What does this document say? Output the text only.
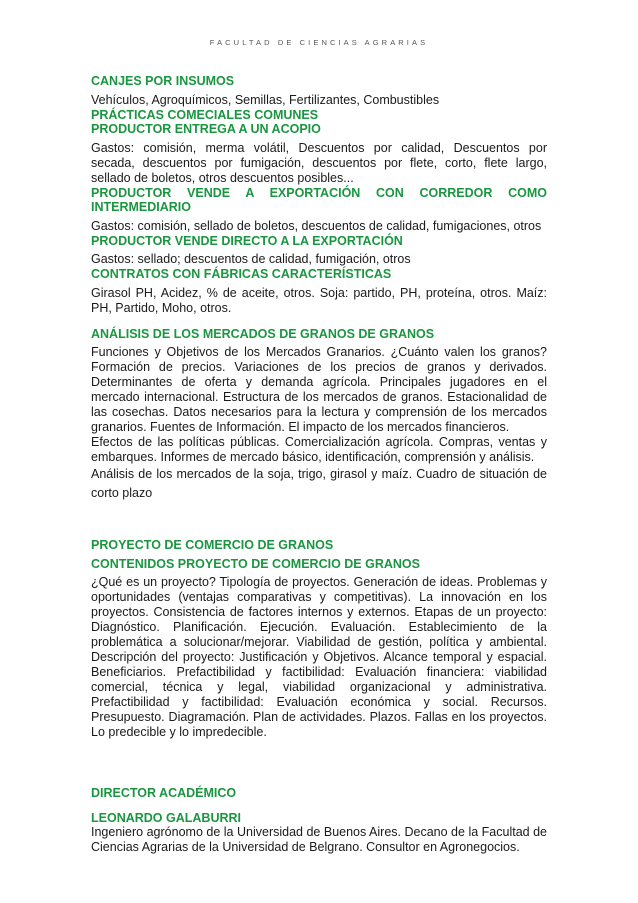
FACULTAD DE CIENCIAS AGRARIAS
CANJES POR INSUMOS
Vehículos, Agroquímicos, Semillas, Fertilizantes, Combustibles
PRÁCTICAS COMECIALES COMUNES
PRODUCTOR ENTREGA A UN ACOPIO
Gastos: comisión, merma volátil, Descuentos por calidad, Descuentos por secada, descuentos por fumigación, descuentos por flete, corto, flete largo, sellado de boletos, otros descuentos posibles...
PRODUCTOR VENDE A EXPORTACIÓN CON CORREDOR COMO
INTERMEDIARIO
Gastos: comisión, sellado de boletos, descuentos de calidad, fumigaciones, otros
PRODUCTOR VENDE DIRECTO A LA EXPORTACIÓN
Gastos: sellado; descuentos de calidad, fumigación, otros
CONTRATOS CON FÁBRICAS CARACTERÍSTICAS
Girasol PH, Acidez, % de aceite, otros. Soja: partido, PH, proteína, otros. Maíz: PH, Partido, Moho, otros.
ANÁLISIS DE LOS MERCADOS DE GRANOS DE GRANOS
Funciones y Objetivos de los Mercados Granarios. ¿Cuánto valen los granos? Formación de precios. Variaciones de los precios de granos y derivados. Determinantes de oferta y demanda agrícola. Principales jugadores en el mercado internacional. Estructura de los mercados de granos. Estacionalidad de las cosechas. Datos necesarios para la lectura y comprensión de los mercados granarios. Fuentes de Información. El impacto de los mercados financieros.
Efectos de las políticas públicas. Comercialización agrícola. Compras, ventas y embarques. Informes de mercado básico, identificación, comprensión y análisis.
Análisis de los mercados de la soja, trigo, girasol y maíz. Cuadro de situación de corto plazo
PROYECTO DE COMERCIO DE GRANOS
CONTENIDOS PROYECTO DE COMERCIO DE GRANOS
¿Qué es un proyecto? Tipología de proyectos. Generación de ideas. Problemas y oportunidades (ventajas comparativas y competitivas). La innovación en los proyectos. Consistencia de factores internos y externos. Etapas de un proyecto: Diagnóstico. Planificación. Ejecución. Evaluación. Establecimiento de la problemática a solucionar/mejorar. Viabilidad de gestión, política y ambiental. Descripción del proyecto: Justificación y Objetivos. Alcance temporal y espacial. Beneficiarios. Prefactibilidad y factibilidad: Evaluación financiera: viabilidad comercial, técnica y legal, viabilidad organizacional y administrativa. Prefactibilidad y factibilidad: Evaluación económica y social. Recursos. Presupuesto. Diagramación. Plan de actividades. Plazos. Fallas en los proyectos. Lo predecible y lo impredecible.
DIRECTOR ACADÉMICO
LEONARDO GALABURRI
Ingeniero agrónomo de la Universidad de Buenos Aires. Decano de la Facultad de Ciencias Agrarias de la Universidad de Belgrano. Consultor en Agronegocios.
